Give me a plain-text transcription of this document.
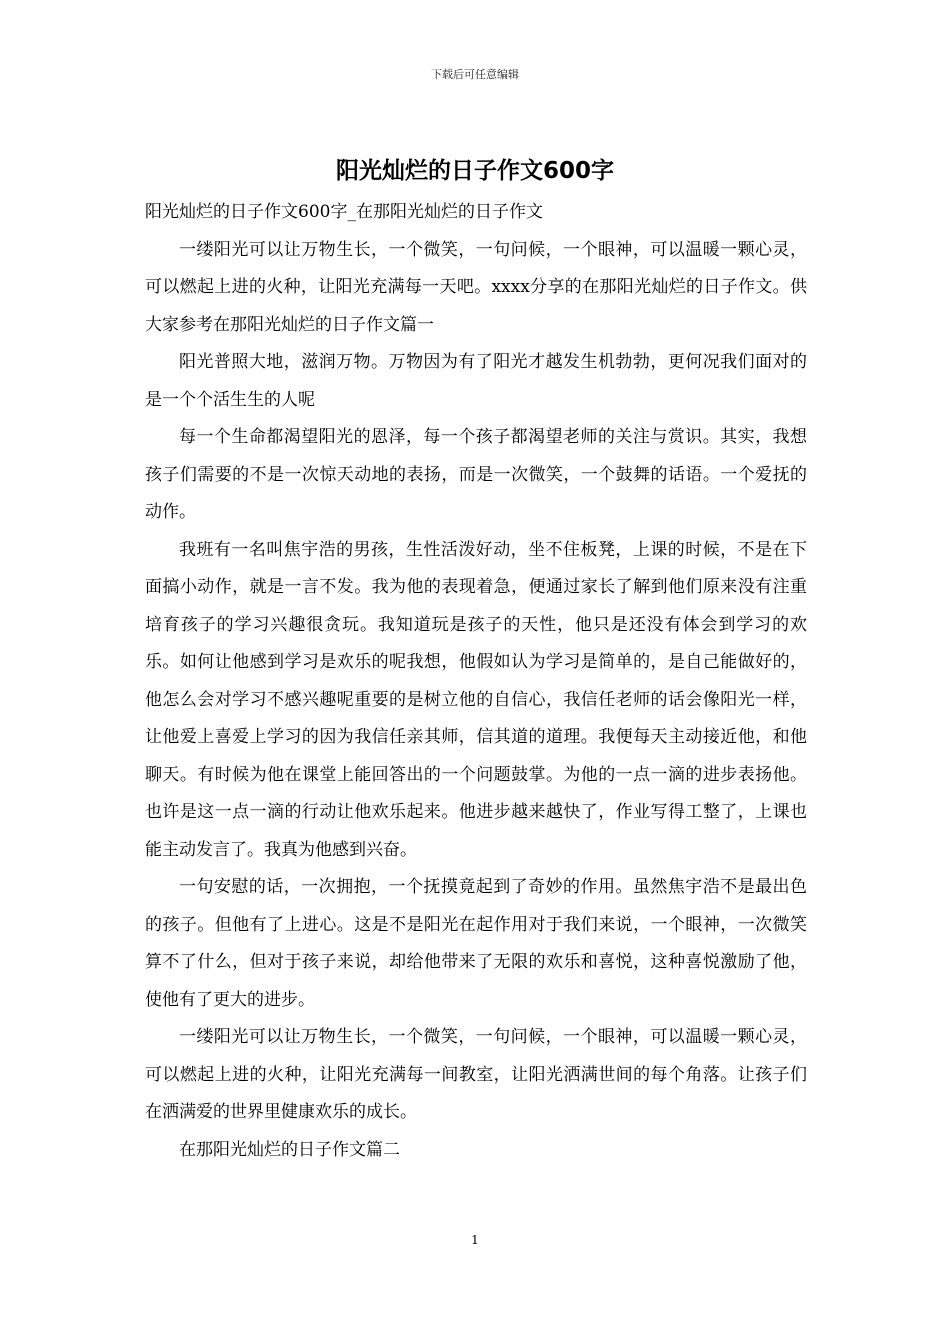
下载后可任意编辑
阳光灿烂的日子作文600字

阳光灿烂的日子作文600字_在那阳光灿烂的日子作文

一缕阳光可以让万物生长，一个微笑，一句问候，一个眼神，可以温暖一颗心灵，可以燃起上进的火种，让阳光充满每一天吧。xxxx分享的在那阳光灿烂的日子作文。供大家参考在那阳光灿烂的日子作文篇一

阳光普照大地，滋润万物。万物因为有了阳光才越发生机勃勃，更何况我们面对的是一个个活生生的人呢

每一个生命都渴望阳光的恩泽，每一个孩子都渴望老师的关注与赏识。其实，我想孩子们需要的不是一次惊天动地的表扬，而是一次微笑，一个鼓舞的话语。一个爱抚的动作。

我班有一名叫焦宇浩的男孩，生性活泼好动，坐不住板凳，上课的时候，不是在下面搞小动作，就是一言不发。我为他的表现着急，便通过家长了解到他们原来没有注重培育孩子的学习兴趣很贪玩。我知道玩是孩子的天性，他只是还没有体会到学习的欢乐。如何让他感到学习是欢乐的呢我想，他假如认为学习是简单的，是自己能做好的，他怎么会对学习不感兴趣呢重要的是树立他的自信心，我信任老师的话会像阳光一样，让他爱上喜爱上学习的因为我信任亲其师，信其道的道理。我便每天主动接近他，和他聊天。有时候为他在课堂上能回答出的一个问题鼓掌。为他的一点一滴的进步表扬他。也许是这一点一滴的行动让他欢乐起来。他进步越来越快了，作业写得工整了，上课也能主动发言了。我真为他感到兴奋。

一句安慰的话，一次拥抱，一个抚摸竟起到了奇妙的作用。虽然焦宇浩不是最出色的孩子。但他有了上进心。这是不是阳光在起作用对于我们来说，一个眼神，一次微笑算不了什么，但对于孩子来说，却给他带来了无限的欢乐和喜悦，这种喜悦激励了他，使他有了更大的进步。

一缕阳光可以让万物生长，一个微笑，一句问候，一个眼神，可以温暖一颗心灵，可以燃起上进的火种，让阳光充满每一间教室，让阳光洒满世间的每个角落。让孩子们在洒满爱的世界里健康欢乐的成长。

在那阳光灿烂的日子作文篇二

1
